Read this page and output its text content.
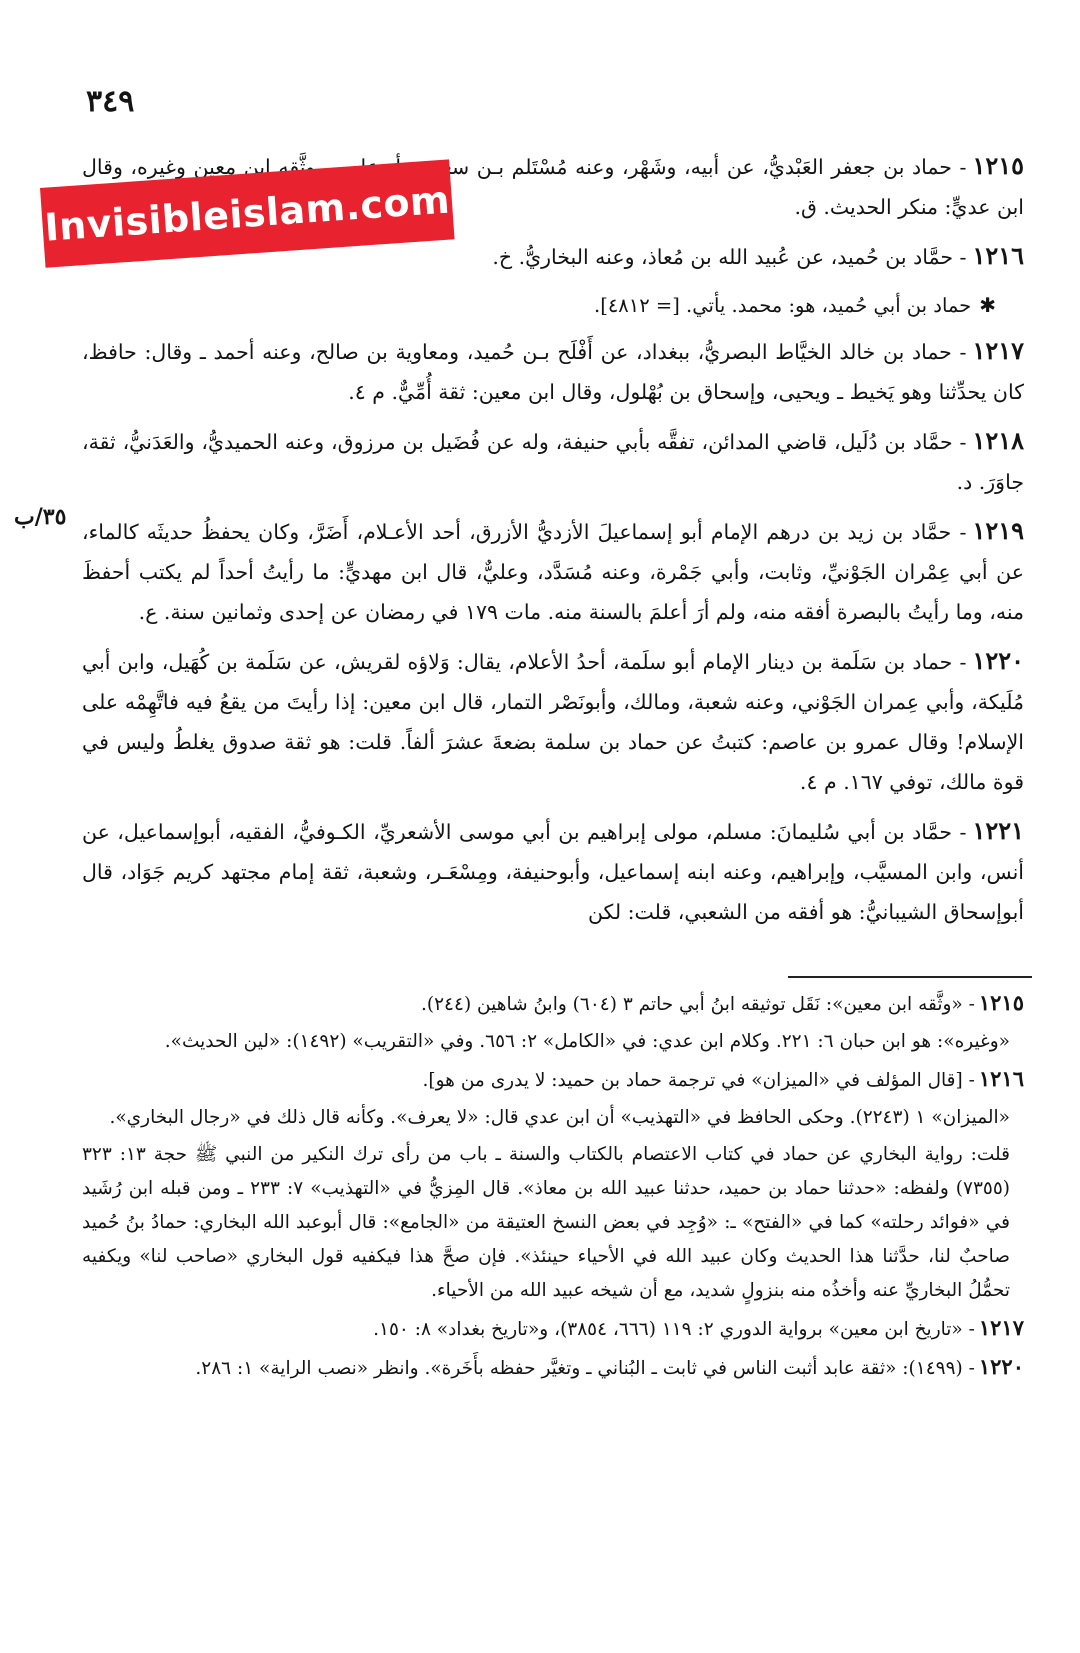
٣٤٩
٣٥/ب

١٢١٥- حماد بن جعفر العَبْديُّ، عن أبيه، وشَهْر، وعنه مُسْتَلم بـن سعيد، وأبوعاصم، وثَّقه ابن معين وغيره، وقال ابن عديٍّ: منكر الحديث. ق.

١٢١٦- حمَّاد بن حُميد، عن عُبيد الله بن مُعاذ، وعنه البخاريُّ. خ.

✱حماد بن أبي حُميد، هو: محمد. يأتي. [= ٤٨١٢].

١٢١٧- حماد بن خالد الخيَّاط البصريُّ، ببغداد، عن أَفْلَح بـن حُميد، ومعاوية بن صالح، وعنه أحمد ـ وقال: حافظ، كان يحدِّثنا وهو يَخيط ـ ويحيى، وإسحاق بن بُهْلول، وقال ابن معين: ثقة أُمِّيٌّ. م ٤.

١٢١٨- حمَّاد بن دُلَيل، قاضي المدائن، تفقَّه بأبي حنيفة، وله عن فُضَيل بن مرزوق، وعنه الحميديُّ، والعَدَنيُّ، ثقة، جاوَرَ. د.

١٢١٩- حمَّاد بن زيد بن درهم الإمام أبو إسماعيلَ الأزديُّ الأزرق، أحد الأعـلام، أَضَرَّ، وكان يحفظُ حديثَه كالماء، عن أبي عِمْران الجَوْنيِّ، وثابت، وأبي جَمْرة، وعنه مُسَدَّد، وعليٌّ، قال ابن مهديٍّ: ما رأيتُ أحداً لم يكتب أحفظَ منه، وما رأيتُ بالبصرة أفقه منه، ولم أرَ أعلمَ بالسنة منه. مات ١٧٩ في رمضان عن إحدى وثمانين سنة. ع.

١٢٢٠- حماد بن سَلَمة بن دينار الإمام أبو سلَمة، أحدُ الأعلام، يقال: وَلاؤه لقريش، عن سَلَمة بن كُهَيل، وابن أبي مُلَيكة، وأبي عِمران الجَوْني، وعنه شعبة، ومالك، وأبونَصْر التمار، قال ابن معين: إذا رأيتَ من يقعُ فيه فاتَّهِمْه على الإسلام! وقال عمرو بن عاصم: كتبتُ عن حماد بن سلمة بضعةَ عشرَ ألفاً. قلت: هو ثقة صدوق يغلطُ وليس في قوة مالك، توفي ١٦٧. م ٤.

١٢٢١- حمَّاد بن أبي سُليمانَ: مسلم، مولى إبراهيم بن أبي موسى الأشعريِّ، الكـوفيُّ، الفقيه، أبوإسماعيل، عن أنس، وابن المسيَّب، وإبراهيم، وعنه ابنه إسماعيل، وأبوحنيفة، ومِسْعَـر، وشعبة، ثقة إمام مجتهد كريم جَوَاد، قال أبوإسحاق الشيبانيُّ: هو أفقه من الشعبي، قلت: لكن

١٢١٥- «وثَّقه ابن معين»: نَقَل توثيقه ابنُ أبي حاتم ٣ (٦٠٤) وابنُ شاهين (٢٤٤).

«وغيره»: هو ابن حبان ٦: ٢٢١. وكلام ابن عدي: في «الكامل» ٢: ٦٥٦. وفي «التقريب» (١٤٩٢): «لين الحديث».

١٢١٦- [قال المؤلف في «الميزان» في ترجمة حماد بن حميد: لا يدرى من هو].

«الميزان» ١ (٢٢٤٣). وحكى الحافظ في «التهذيب» أن ابن عدي قال: «لا يعرف». وكأنه قال ذلك في «رجال البخاري».

قلت: رواية البخاري عن حماد في كتاب الاعتصام بالكتاب والسنة ـ باب من رأى ترك النكير من النبي ﷺ حجة ١٣: ٣٢٣ (٧٣٥٥) ولفظه: «حدثنا حماد بن حميد، حدثنا عبيد الله بن معاذ». قال المِزيُّ في «التهذيب» ٧: ٢٣٣ ـ ومن قبله ابن رُشَيد في «فوائد رحلته» كما في «الفتح» ـ: «وُجِد في بعض النسخ العتيقة من «الجامع»: قال أبوعبد الله البخاري: حمادُ بنُ حُميد صاحبٌ لنا، حدَّثنا هذا الحديث وكان عبيد الله في الأحياء حينئذ». فإن صحَّ هذا فيكفيه قول البخاري «صاحب لنا» ويكفيه تحمُّلُ البخاريِّ عنه وأخذُه منه بنزولٍ شديد، مع أن شيخه عبيد الله من الأحياء.

١٢١٧- «تاريخ ابن معين» برواية الدوري ٢: ١١٩ (٦٦٦، ٣٨٥٤)، و«تاريخ بغداد» ٨: ١٥٠.

١٢٢٠- (١٤٩٩): «ثقة عابد أثبت الناس في ثابت ـ البُناني ـ وتغيَّر حفظه بأَخَرة». وانظر «نصب الراية» ١: ٢٨٦.

Invisibleislam.com
